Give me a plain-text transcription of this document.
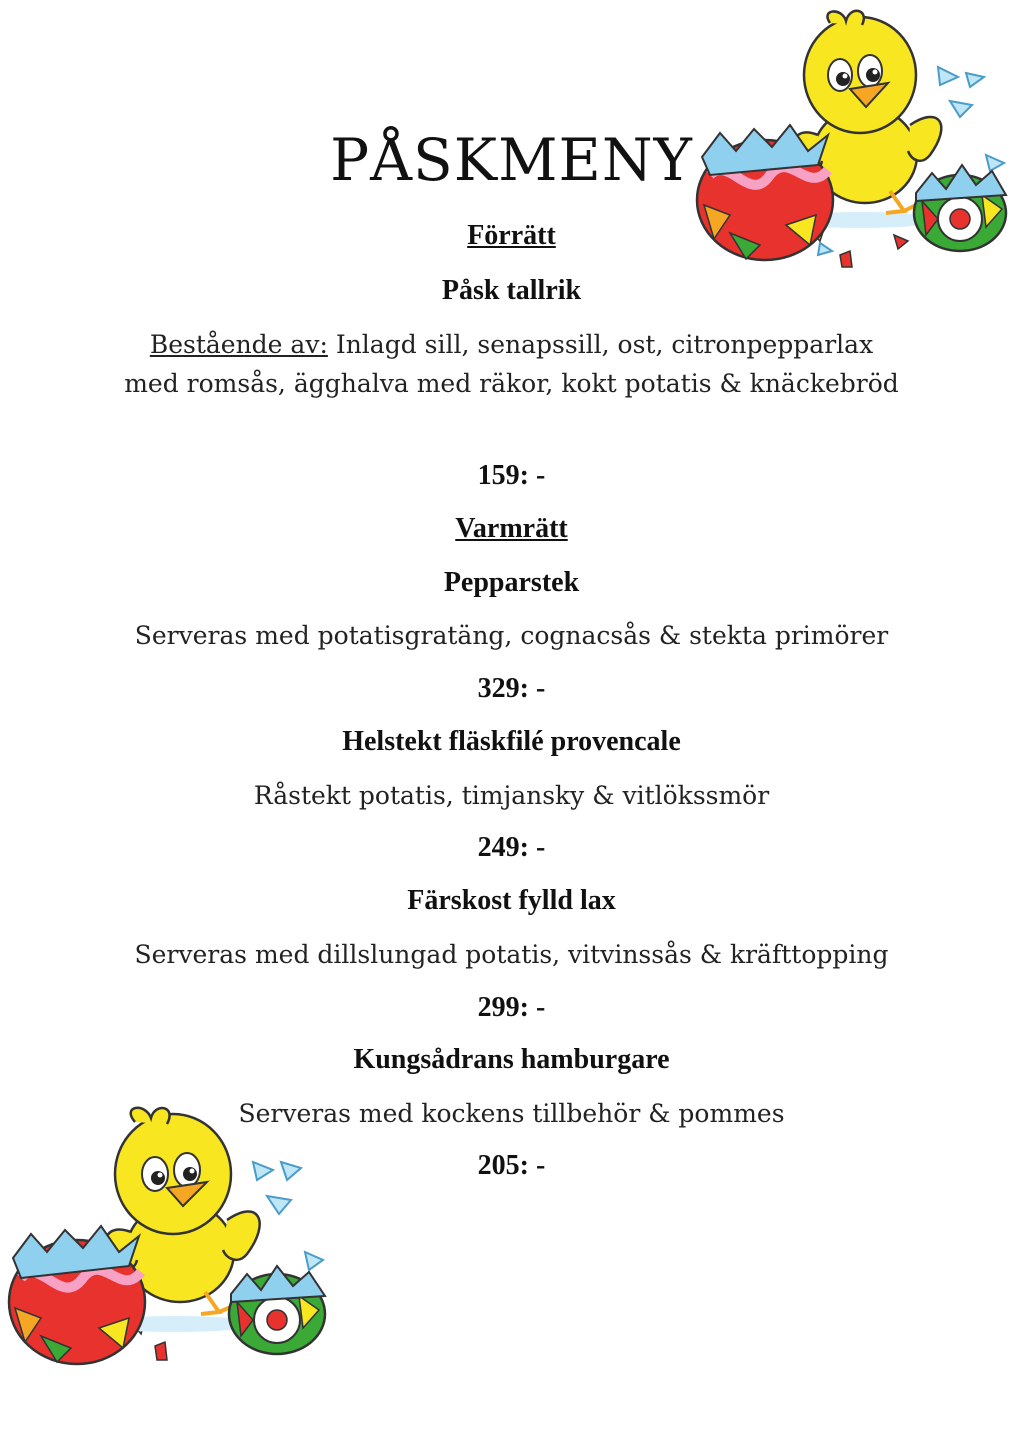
PÅSKMENY
Förrätt
Påsk tallrik
Bestående av: Inlagd sill, senapssill, ost, citronpepparlax med romsås, ägghalva med räkor, kokt potatis & knäckebröd
159: -
Varmrätt
Pepparstek
Serveras med potatisgratäng, cognacsås & stekta primörer
329: -
Helstekt fläskfilé provencale
Råstekt potatis, timjansky & vitlökssmör
249: -
Färskost fylld lax
Serveras med dillslungad potatis, vitvinssås & kräfttopping
299: -
Kungsådrans hamburgare
Serveras med kockens tillbehör & pommes
205: -
